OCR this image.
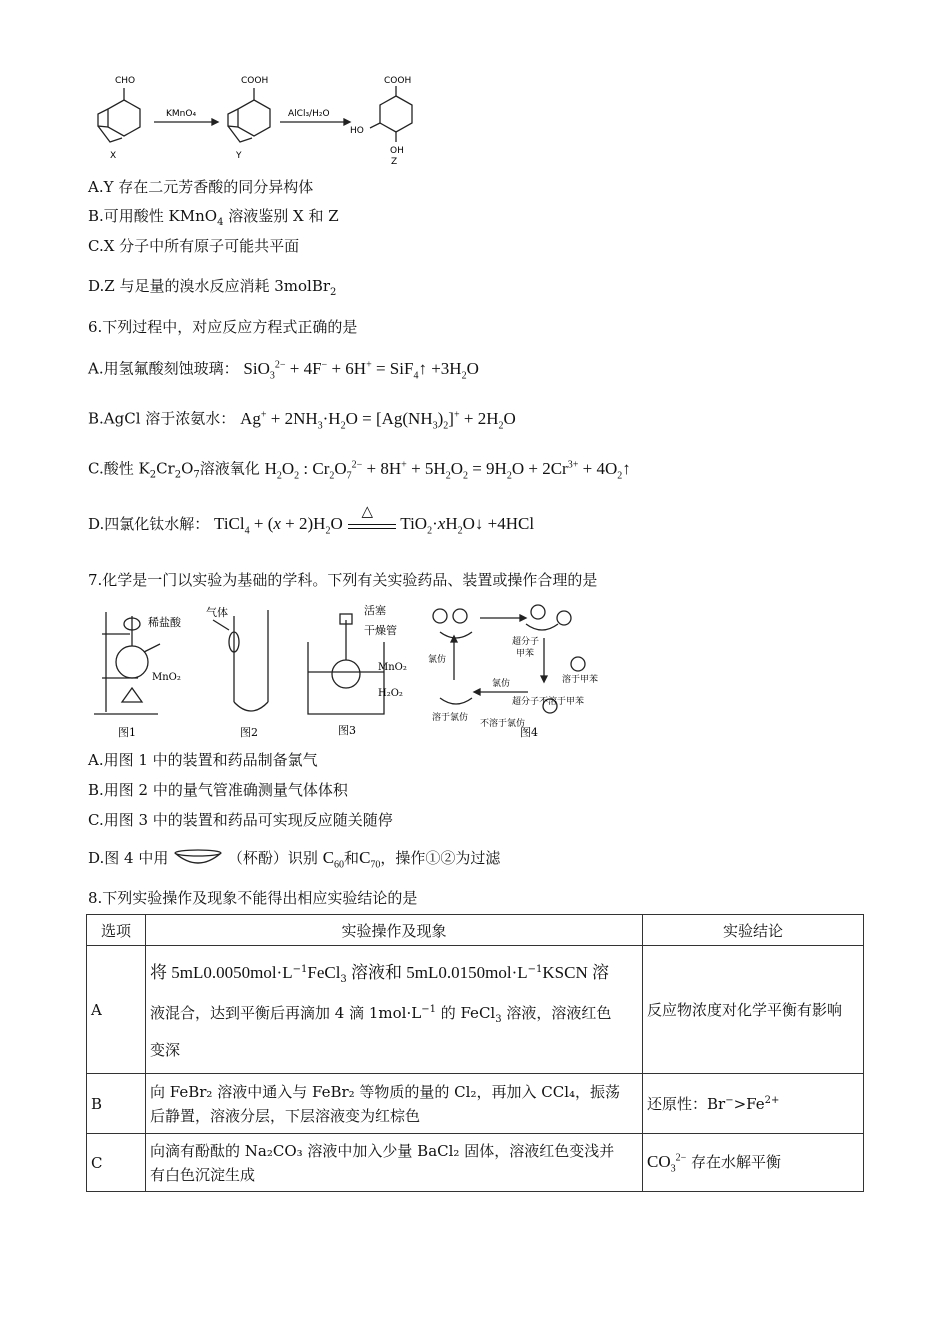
CHO	COOH	COOH
HO
OH
KMnO₄	AlCl₃/H₂O
X	Y
Z
A.Y 存在二元芳香酸的同分异构体
B.可用酸性 KMnO$_4$ 溶液鉴别 X 和 Z
C.X 分子中所有原子可能共平面
D.Z 与足量的溴水反应消耗 3molBr$_2$
6.下列过程中，对应反应方程式正确的是
A.用氢氟酸刻蚀玻璃： SiO$_3^{2-}$ + 4F− + 6H+ = SiF$_4$↑ $+3H_2O$
B.AgCl 溶于浓氨水： $Ag^+ + 2NH_3\cdot H_2O = [Ag(NH_3)_2]^+ + 2H_2O$
C.酸性 $K_2Cr_2O_7$溶液氧化 $H_2O_2$ : $Cr_2O_7^{2-} + 8H^+ + 5H_2O_2 = 9H_2O + 2Cr^{3+}$ + $4O_2↑$
D.四氯化钛水解： TiCl$_4$ + $(x + 2)H_2O$
△
$TiO_2\cdot xH_2O↓ +4HCl$
7.化学是一门以实验为基础的学科。下列有关实验药品、装置或操作合理的是
稀盐酸
MnO₂
气体	活塞
干燥管
MnO₂
H₂O₂
图1	图2	图3	图4
超分子
甲苯
氯仿
氯仿	溶于甲苯
溶于氯仿
超分子不溶于甲苯
不溶于氯仿
A.用图 1 中的装置和药品制备氯气
B.用图 2 中的量气管准确测量气体体积
C.用图 3 中的装置和药品可实现反应随关随停
D.图 4 中用	（杯酚）识别 $C_{60}$和$C_{70}$，操作①②为过滤
8.下列实验操作及现象不能得出相应实验结论的是
选项	实验操作及现象	实验结论
A	将 $5mL0.0050mol\cdot L^{-1}FeCl_3$ 溶液和 $5mL0.0150mol\cdot L^{-1}KSCN$ 溶
液混合，达到平衡后再滴加 4 滴 $1mol\cdot L^{-1}$ 的 FeCl$_3$ 溶液，溶液红色
变深	反应物浓度对化学平衡有影响
B	向 FeBr₂ 溶液中通入与 FeBr₂ 等物质的量的 Cl₂，再加入 CCl₄，振荡
后静置，溶液分层，下层溶液变为红棕色	还原性：$Br^->Fe^{2+}$
C	向滴有酚酞的 Na₂CO₃ 溶液中加入少量 BaCl₂ 固体，溶液红色变浅并
有白色沉淀生成	$CO_3^{2-}$ 存在水解平衡
